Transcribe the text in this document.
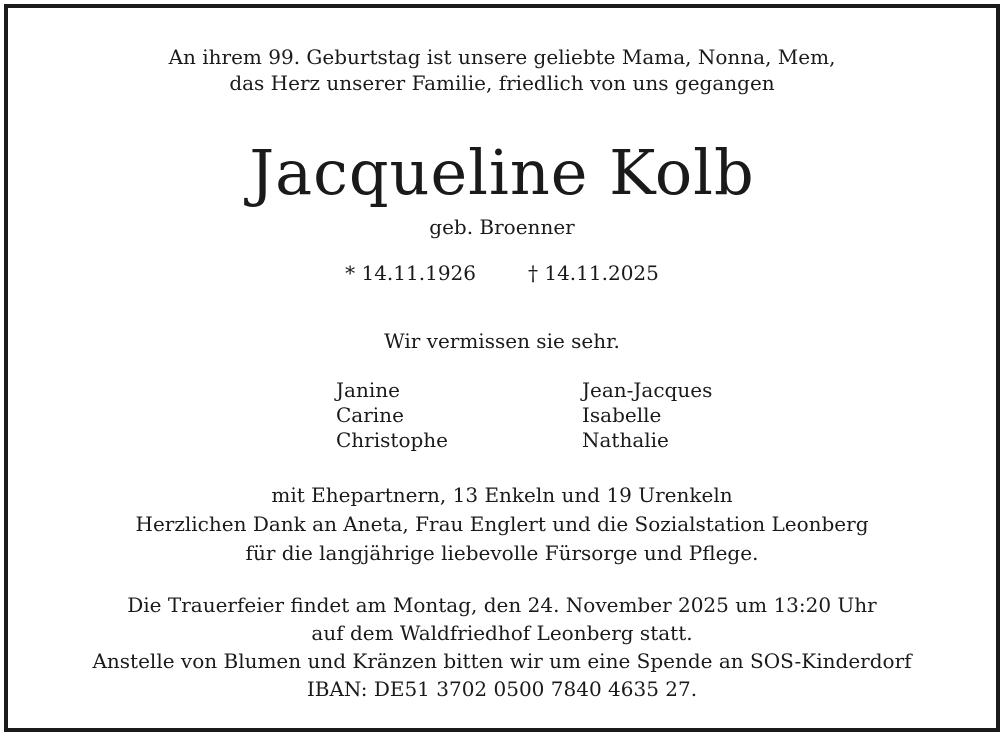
An ihrem 99. Geburtstag ist unsere geliebte Mama, Nonna, Mem,
das Herz unserer Familie, friedlich von uns gegangen
Jacqueline Kolb
geb. Broenner
* 14.11.1926	† 14.11.2025
Wir vermissen sie sehr.
Janine
Carine
Christophe
Jean-Jacques
Isabelle
Nathalie
mit Ehepartnern, 13 Enkeln und 19 Urenkeln
Herzlichen Dank an Aneta, Frau Englert und die Sozialstation Leonberg
für die langjährige liebevolle Fürsorge und Pflege.
Die Trauerfeier findet am Montag, den 24. November 2025 um 13:20 Uhr
auf dem Waldfriedhof Leonberg statt.
Anstelle von Blumen und Kränzen bitten wir um eine Spende an SOS-Kinderdorf
IBAN: DE51 3702 0500 7840 4635 27.
